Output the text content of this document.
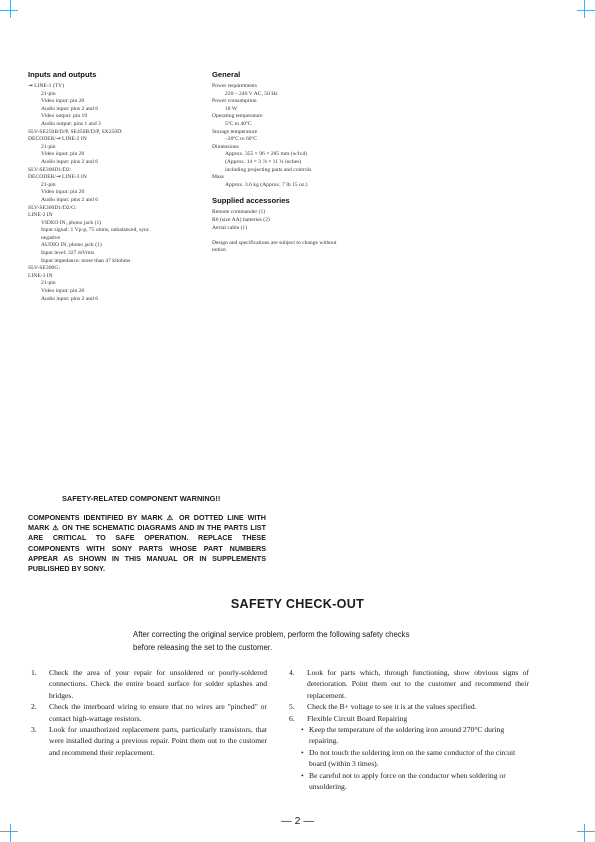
Inputs and outputs
⇥ LINE-1 (TV)
21-pin
Video input: pin 20
Audio input: pins 2 and 6
Video output: pin 19
Audio output: pins 1 and 3
SLV-SE250B/D/P, SE450B/D/P, SX250D:
DECODER/⇥ LINE-2 IN
21-pin
Video input: pin 20
Audio input: pins 2 and 6
SLV-SE300D1/D2:
DECODER/⇥ LINE-3 IN
21-pin
Video input: pin 20
Audio input: pins 2 and 6
SLV-SE300D1/D2/G:
LINE-2 IN
VIDEO IN, phono jack (1)
Input signal: 1 Vp-p, 75 ohms, unbalanced, sync
negative
AUDIO IN, phono jack (1)
Input level: 327 mVrms
Input impedance: more than 47 kilohms
SLV-SE300G:
LINE-3 IN
21-pin
Video input: pin 20
Audio input: pins 2 and 6
General
Power requirements
220 – 240 V AC, 50 Hz
Power consumption
18 W
Operating temperature
5ºC to 40ºC
Storage temperature
–20ºC to 60ºC
Dimensions
Approx. 355 × 96 × 285 mm (w/h/d)
(Approx. 14 × 3 ⅞ × 11 ¼ inches)
including projecting parts and controls
Mass
Approx. 3.6 kg (Approx. 7 lb 15 oz.)
Supplied accessories
Remote commander (1)
R6 (size AA) batteries (2)
Aerial cable (1)
Design and specifications are subject to change without
notice.
SAFETY-RELATED COMPONENT WARNING!!
COMPONENTS IDENTIFIED BY MARK ⚠ OR DOTTED LINE WITH MARK ⚠ ON THE SCHEMATIC DIAGRAMS AND IN THE PARTS LIST ARE CRITICAL TO SAFE OPERATION. REPLACE THESE COMPONENTS WITH SONY PARTS WHOSE PART NUMBERS APPEAR AS SHOWN IN THIS MANUAL OR IN SUPPLEMENTS PUBLISHED BY SONY.
SAFETY CHECK-OUT
After correcting the original service problem, perform the following safety checks before releasing the set to the customer.
1.	Check the area of your repair for unsoldered or poorly-soldered connections. Check the entire board surface for solder splashes and bridges.
2.	Check the interboard wiring to ensure that no wires are "pinched" or contact high-wattage resistors.
3.	Look for unauthorized replacement parts, particularly transistors, that were installed during a previous repair. Point them out to the customer and recommend their replacement.
4.	Look for parts which, through functioning, show obvious signs of deterioration. Point them out to the customer and recommend their replacement.
5.	Check the B+ voltage to see it is at the values specified.
6.	Flexible Circuit Board Repairing
• Keep the temperature of the soldering iron around 270°C during repairing.
• Do not touch the soldering iron on the same conductor of the circuit board (within 3 times).
• Be careful not to apply force on the conductor when soldering or unsoldering.
— 2 —
